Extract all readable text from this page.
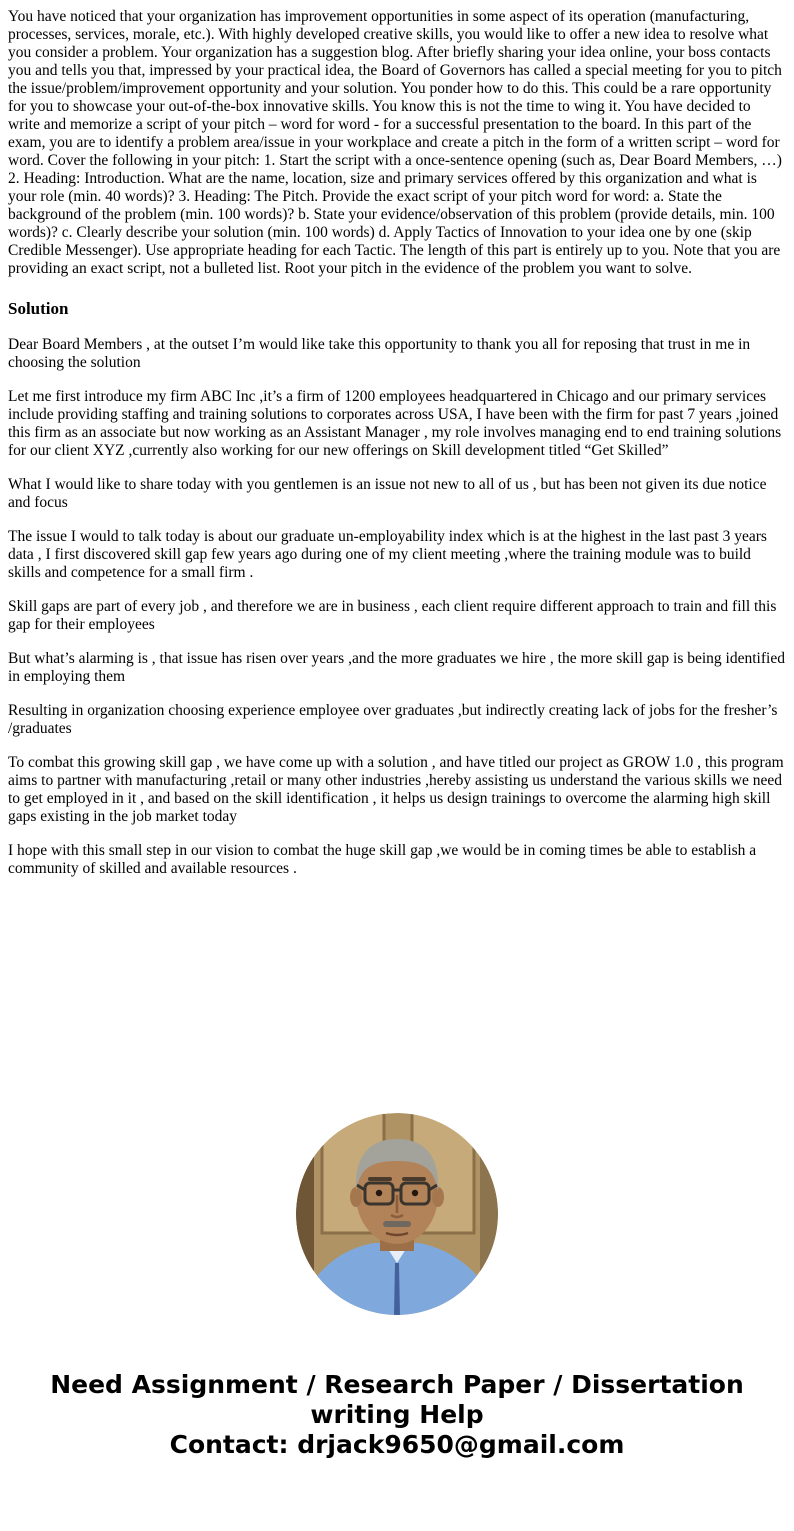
You have noticed that your organization has improvement opportunities in some aspect of its operation (manufacturing, processes, services, morale, etc.). With highly developed creative skills, you would like to offer a new idea to resolve what you consider a problem. Your organization has a suggestion blog. After briefly sharing your idea online, your boss contacts you and tells you that, impressed by your practical idea, the Board of Governors has called a special meeting for you to pitch the issue/problem/improvement opportunity and your solution. You ponder how to do this. This could be a rare opportunity for you to showcase your out-of-the-box innovative skills. You know this is not the time to wing it. You have decided to write and memorize a script of your pitch – word for word - for a successful presentation to the board. In this part of the exam, you are to identify a problem area/issue in your workplace and create a pitch in the form of a written script – word for word. Cover the following in your pitch: 1. Start the script with a once-sentence opening (such as, Dear Board Members, …) 2. Heading: Introduction. What are the name, location, size and primary services offered by this organization and what is your role (min. 40 words)? 3. Heading: The Pitch. Provide the exact script of your pitch word for word: a. State the background of the problem (min. 100 words)? b. State your evidence/observation of this problem (provide details, min. 100 words)? c. Clearly describe your solution (min. 100 words) d. Apply Tactics of Innovation to your idea one by one (skip Credible Messenger). Use appropriate heading for each Tactic. The length of this part is entirely up to you. Note that you are providing an exact script, not a bulleted list. Root your pitch in the evidence of the problem you want to solve.

Solution

Dear Board Members , at the outset I’m would like take this opportunity to thank you all for reposing that trust in me in choosing the solution

Let me first introduce my firm ABC Inc ,it’s a firm of 1200 employees headquartered in Chicago and our primary services include providing staffing and training solutions to corporates across USA, I have been with the firm for past 7 years ,joined this firm as an associate but now working as an Assistant Manager , my role involves managing end to end training solutions for our client XYZ ,currently also working for our new offerings on Skill development titled “Get Skilled”

What I would like to share today with you gentlemen is an issue not new to all of us , but has been not given its due notice and focus

The issue I would to talk today is about our graduate un-employability index which is at the highest in the last past 3 years data , I first discovered skill gap few years ago during one of my client meeting ,where the training module was to build skills and competence for a small firm .

Skill gaps are part of every job , and therefore we are in business , each client require different approach to train and fill this gap for their employees

But what’s alarming is , that issue has risen over years ,and the more graduates we hire , the more skill gap is being identified in employing them

Resulting in organization choosing experience employee over graduates ,but indirectly creating lack of jobs for the fresher’s /graduates

To combat this growing skill gap , we have come up with a solution , and have titled our project as GROW 1.0 , this program aims to partner with manufacturing ,retail or many other industries ,hereby assisting us understand the various skills we need to get employed in it , and based on the skill identification , it helps us design trainings to overcome the alarming high skill gaps existing in the job market today

I hope with this small step in our vision to combat the huge skill gap ,we would be in coming times be able to establish a community of skilled and available resources .

Need Assignment / Research Paper / Dissertation writing Help

Contact: drjack9650@gmail.com
